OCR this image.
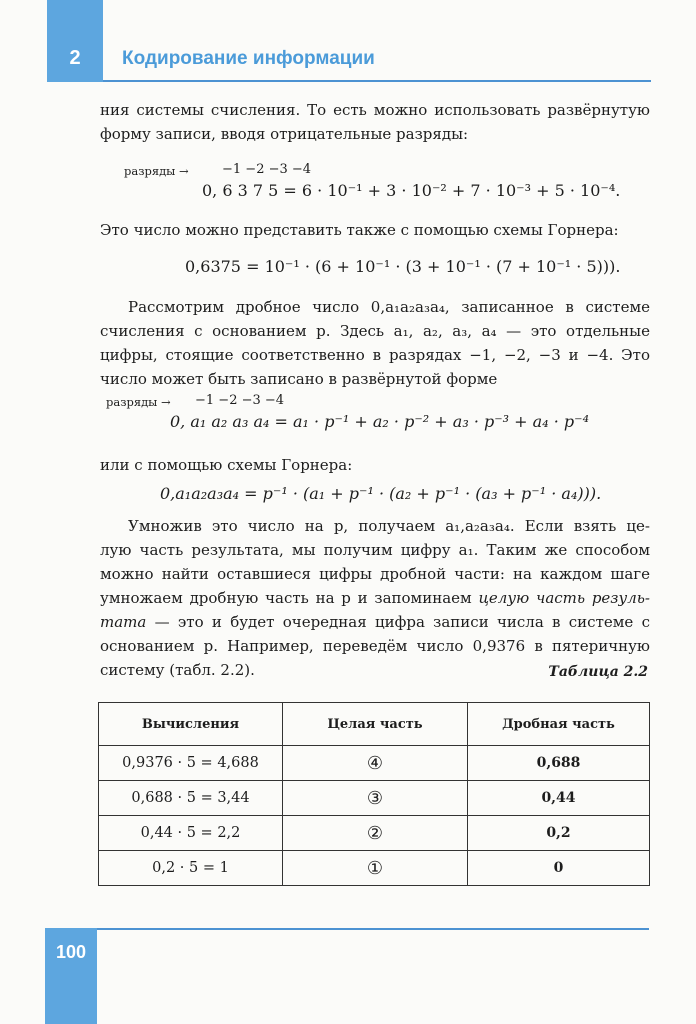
2	Кодирование информации
ния системы счисления. То есть можно использовать развёрнутую
форму записи, вводя отрицательные разряды:
разряды →	−1 −2 −3 −4
0, 6 3 7 5 = 6 · 10⁻¹ + 3 · 10⁻² + 7 · 10⁻³ + 5 · 10⁻⁴.
Это число можно представить также с помощью схемы Горнера:
0,6375 = 10⁻¹ · (6 + 10⁻¹ · (3 + 10⁻¹ · (7 + 10⁻¹ · 5))).
Рассмотрим дробное число 0,a₁a₂a₃a₄, записанное в системе
счисления с основанием p. Здесь a₁, a₂, a₃, a₄ — это отдельные
цифры, стоящие соответственно в разрядах −1, −2, −3 и −4. Это
число может быть записано в развёрнутой форме
разряды → −1 −2 −3 −4
0, a₁ a₂ a₃ a₄ = a₁ · p⁻¹ + a₂ · p⁻² + a₃ · p⁻³ + a₄ · p⁻⁴
или с помощью схемы Горнера:
0,a₁a₂a₃a₄ = p⁻¹ · (a₁ + p⁻¹ · (a₂ + p⁻¹ · (a₃ + p⁻¹ · a₄))).
Умножив это число на p, получаем a₁,a₂a₃a₄. Если взять це-
лую часть результата, мы получим цифру a₁. Таким же способом
можно найти оставшиеся цифры дробной части: на каждом шаге
умножаем дробную часть на p и запоминаем целую часть резуль-
тата — это и будет очередная цифра записи числа в системе с
основанием p. Например, переведём число 0,9376 в пятеричную
систему (табл. 2.2).	Таблица 2.2
Вычисления	Целая часть	Дробная часть
0,9376 · 5 = 4,688	④	0,688
0,688 · 5 = 3,44	③	0,44
0,44 · 5 = 2,2	②	0,2
0,2 · 5 = 1	①	0
100
